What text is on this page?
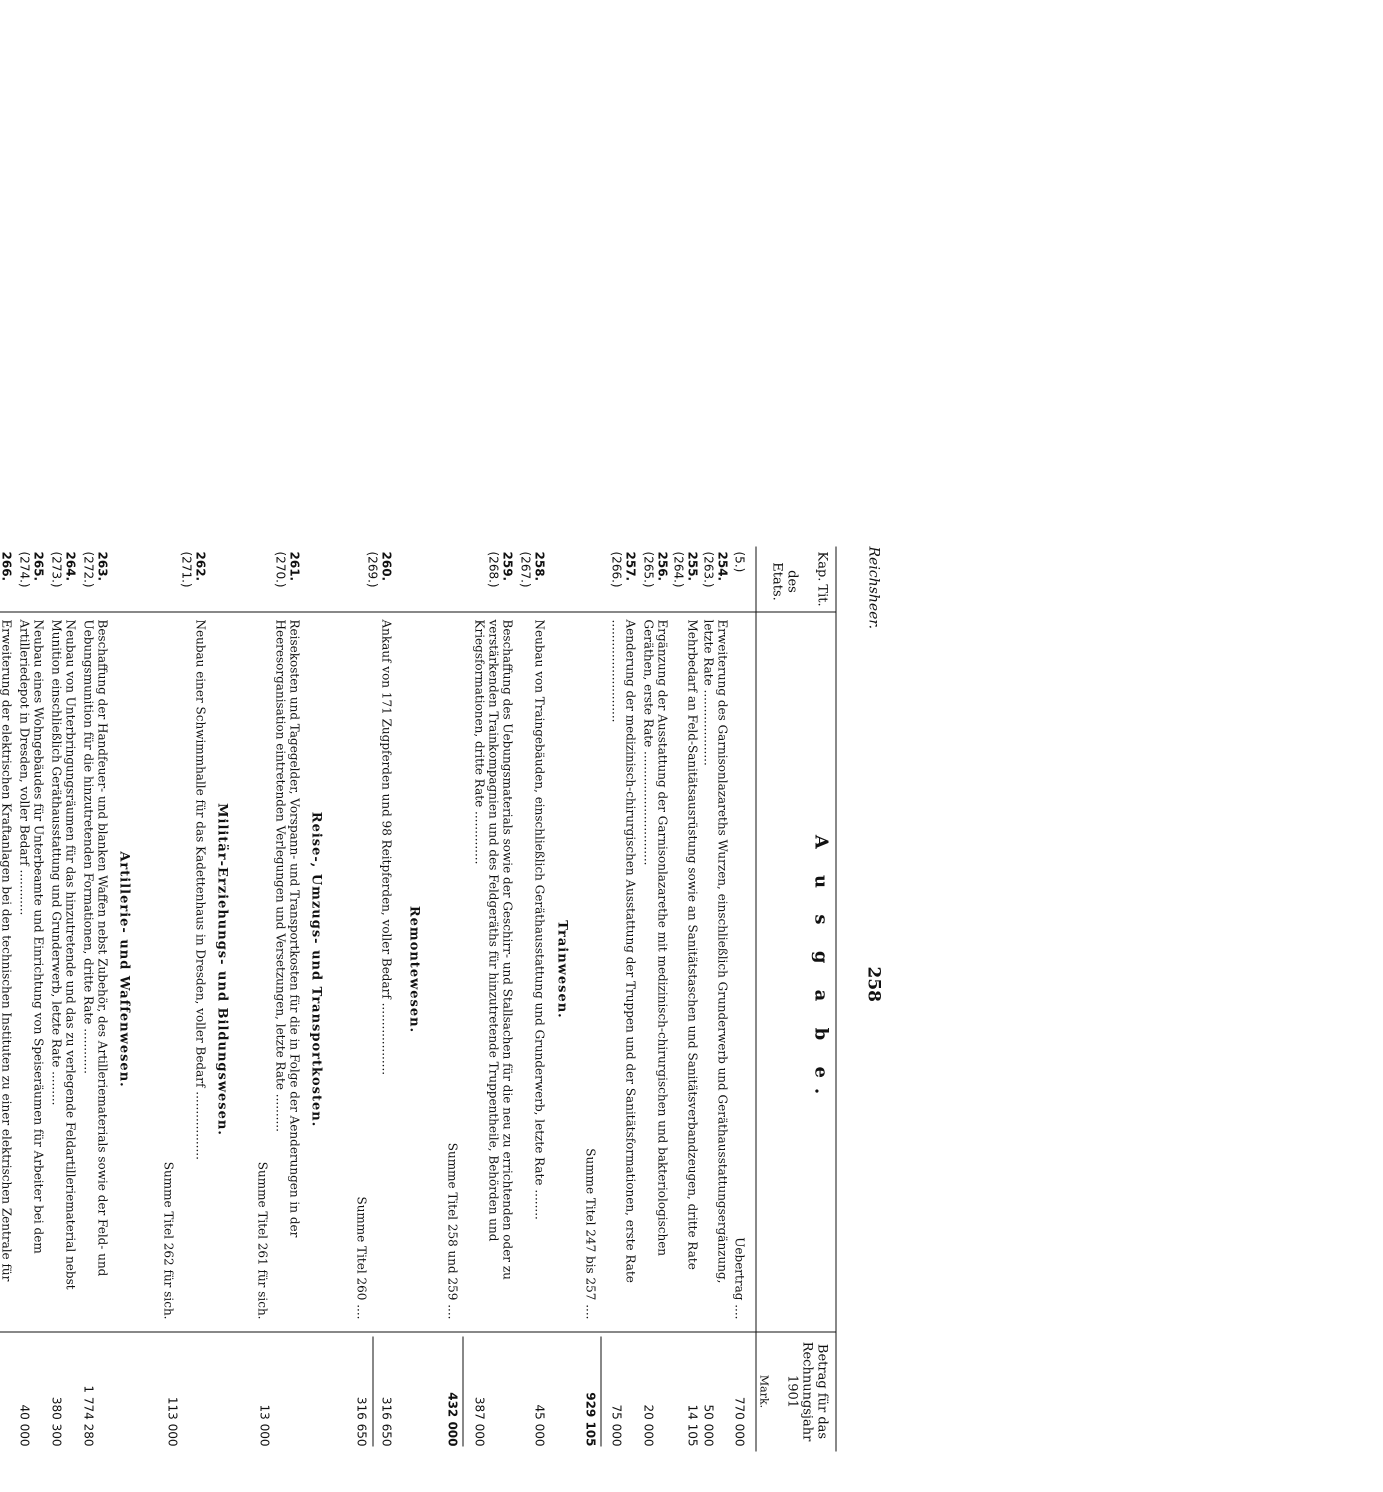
Reichsheer.
258
Kap.
Tit.
des Etats.
A u s g a b e.
Betrag für das Rechnungsjahr 1901
Mark.
(5.)
Uebertrag ....
770 000
254.
(263.)
Erweiterung des Garnisonlazareths Wurzen, einschließlich Grunderwerb und Geräthausstattungsergänzung, letzte Rate ....................
50 000
255.
(264.)
Mehrbedarf an Feld-Sanitätsausrüstung sowie an Sanitätstaschen und Sanitätsverbandzeugen, dritte Rate
14 105
256.
(265.)
Ergänzung der Ausstattung der Garnisonlazarethe mit medizinisch-chirurgischen und bakteriologischen Geräthen, erste Rate ..............................
20 000
257.
(266.)
Aenderung der medizinisch-chirurgischen Ausstattung der Truppen und der Sanitätsformationen, erste Rate ...........................
75 000
Summe Titel 247 bis 257 ....
929 105
Trainwesen.
258.
(267.)
Neubau von Traingebäuden, einschließlich Geräthausstattung und Grunderwerb, letzte Rate ........
45 000
259.
(268.)
Beschaffung des Uebungsmaterials sowie der Geschirr- und Stallsachen für die neu zu errichtenden oder zu verstärkenden Trainkompagnien und des Feldgeräths für hinzutretende Truppentheile, Behörden und Kriegsformationen, dritte Rate ..............
387 000
Summe Titel 258 und 259 ....
432 000
Remontewesen.
260.
(269.)
Ankauf von 171 Zugpferden und 98 Reitpferden, voller Bedarf ...................
316 650
Summe Titel 260 ....
316 650
Reise-, Umzugs- und Transportkosten.
261.
(270.)
Reisekosten und Tagegelder, Vorspann- und Transportkosten für die in Folge der Aenderungen in der Heeresorganisation eintretenden Verlegungen und Versetzungen, letzte Rate ..........
Summe Titel 261 für sich.
13 000
Militär-Erziehungs- und Bildungswesen.
262.
(271.)
Neubau einer Schwimmhalle für das Kadettenhaus in Dresden, voller Bedarf ..................
Summe Titel 262 für sich.
113 000
Artillerie- und Waffenwesen.
263.
(272.)
Beschaffung der Handfeuer- und blanken Waffen nebst Zubehör, des Artilleriematerials sowie der Feld- und Uebungsmunition für die hinzutretenden Formationen, dritte Rate ............
1 774 280
264.
(273.)
Neubau von Unterbringungsräumen für das hinzutretende und das zu verlegende Feldartilleriematerial nebst Munition einschließlich Geräthausstattung und Grunderwerb, letzte Rate .........
380 300
265.
(274.)
Neubau eines Wohngebäudes für Unterbeamte und Einrichtung von Speiseräumen für Arbeiter bei dem Artilleriedepot in Dresden, voller Bedarf ............
40 000
266.

Erweiterung der elektrischen Kraftanlagen bei den technischen Instituten zu einer elektrischen Zentrale für
